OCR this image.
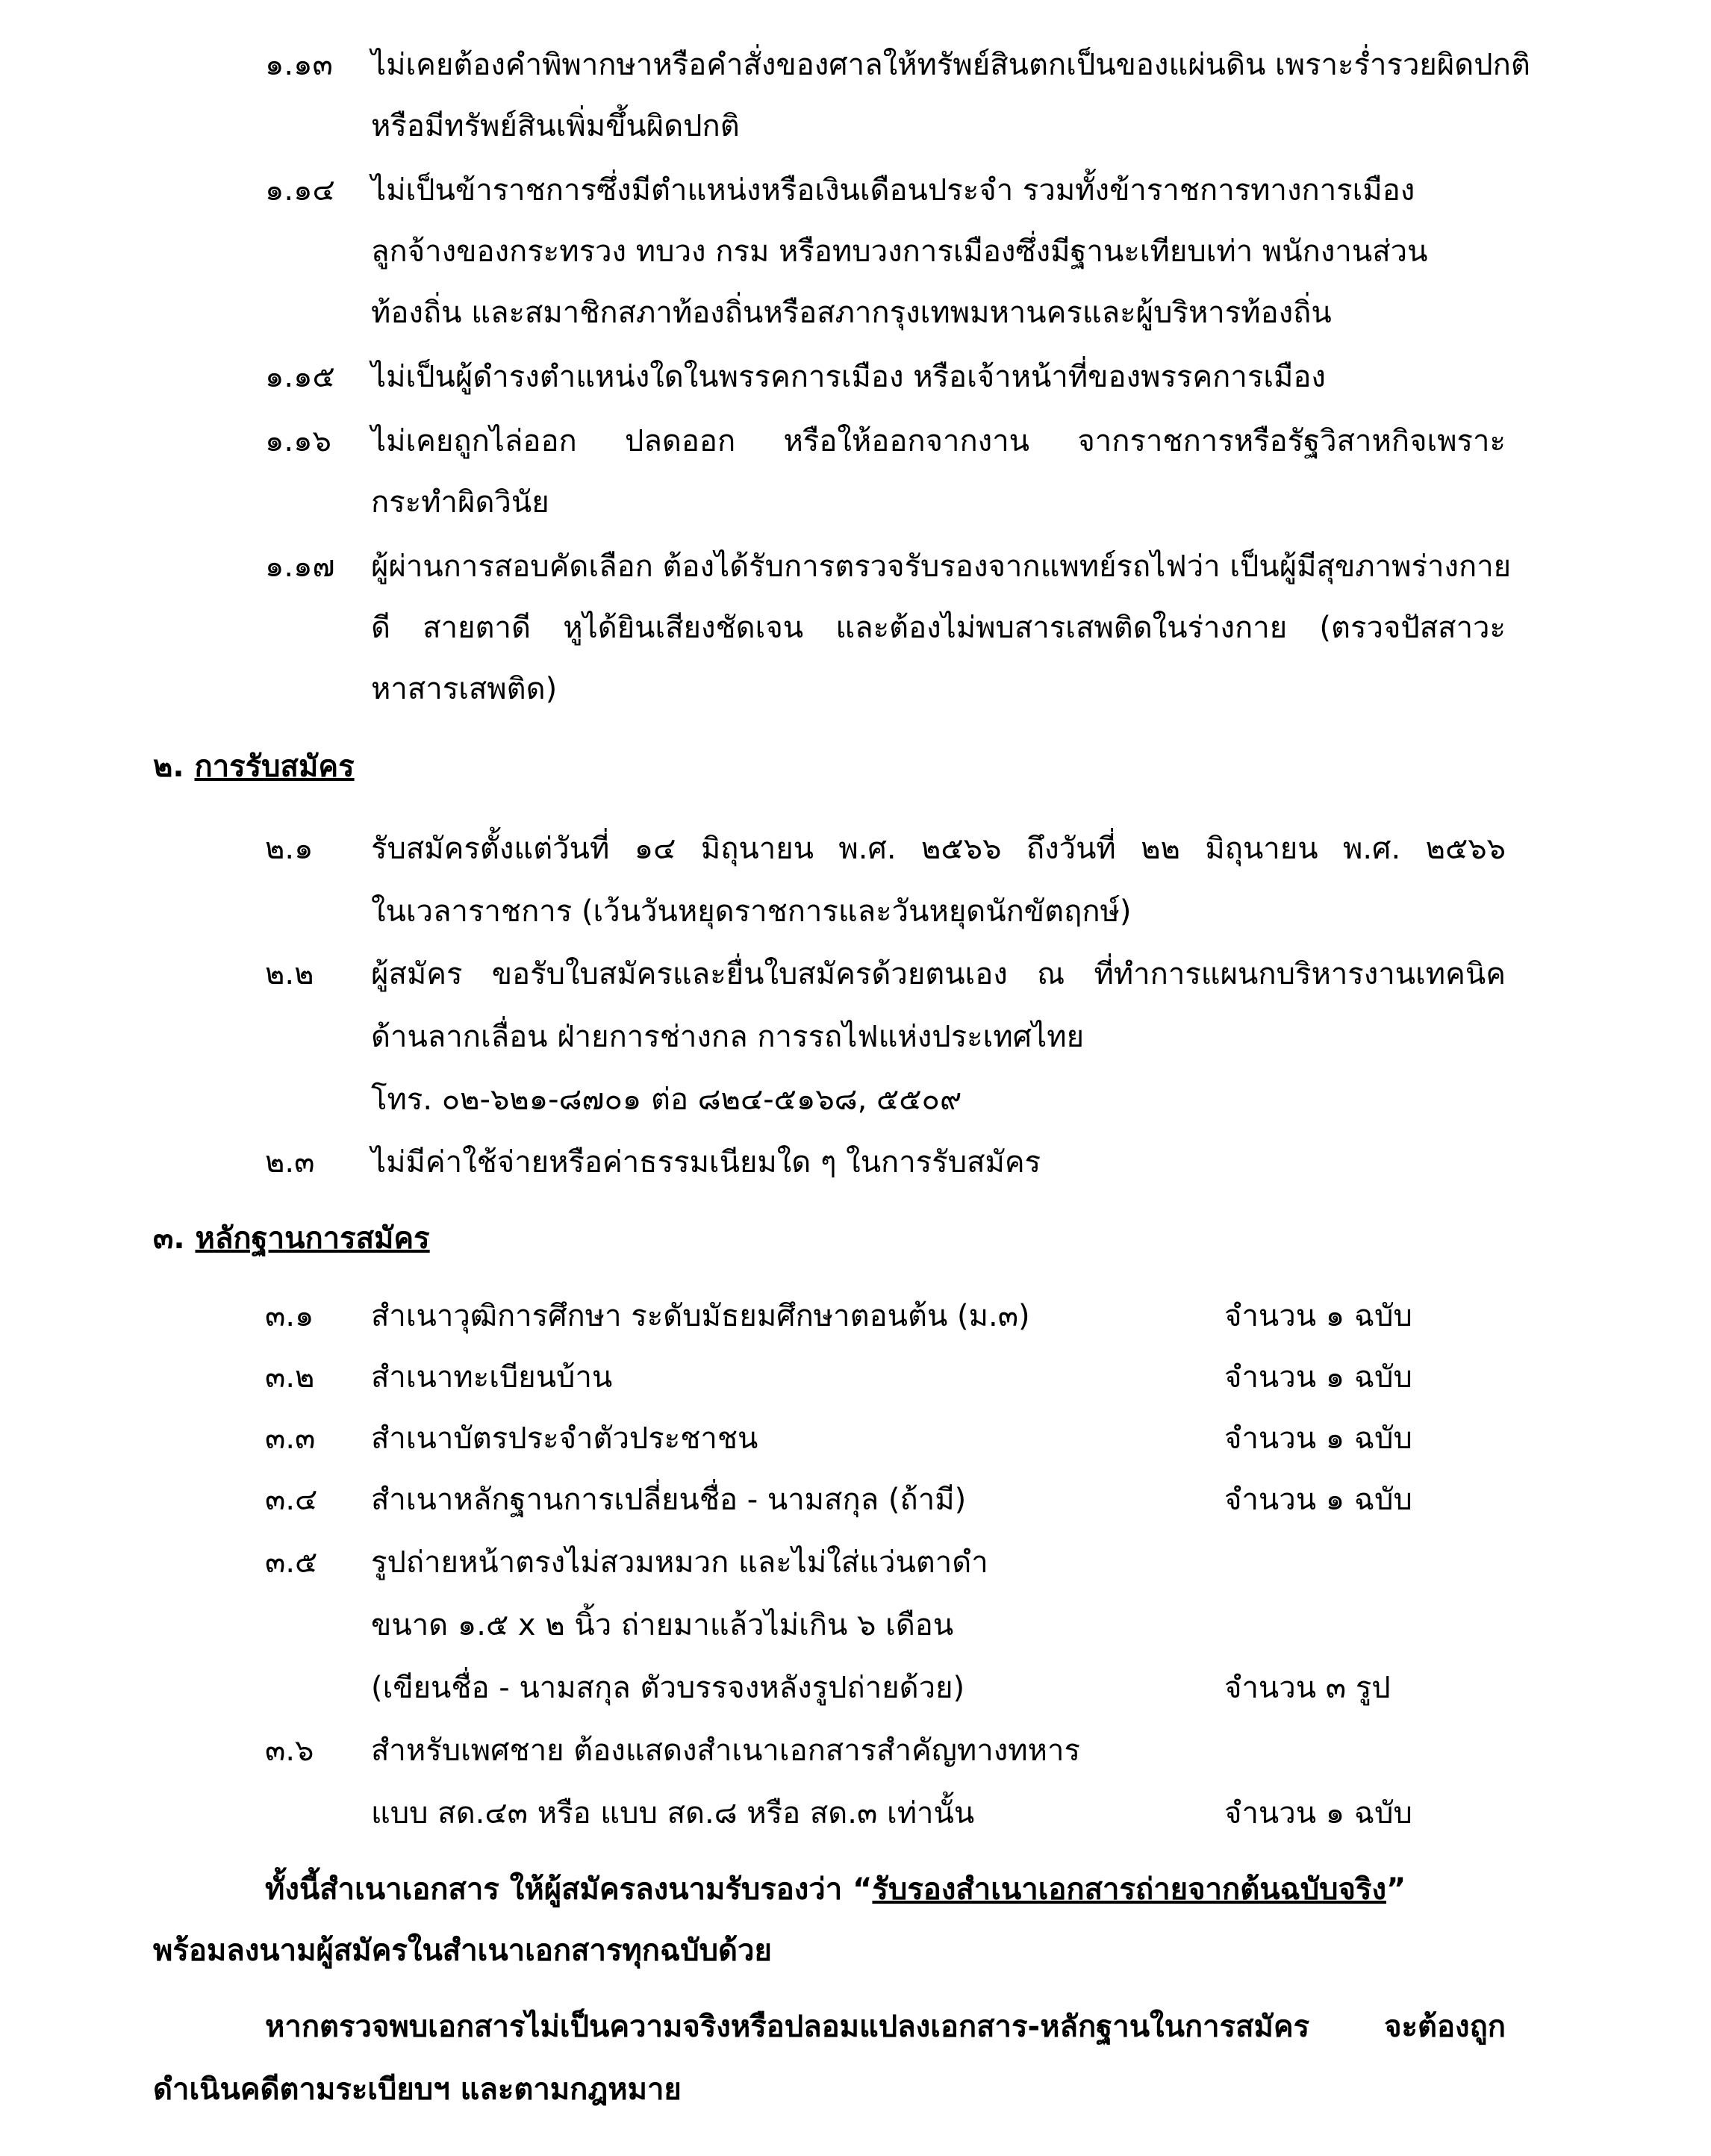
๑.๑๓ ไม่เคยต้องคำพิพากษาหรือคำสั่งของศาลให้ทรัพย์สินตกเป็นของแผ่นดิน เพราะร่ำรวยผิดปกติ
หรือมีทรัพย์สินเพิ่มขึ้นผิดปกติ
๑.๑๔ ไม่เป็นข้าราชการซึ่งมีตำแหน่งหรือเงินเดือนประจำ รวมทั้งข้าราชการทางการเมือง
ลูกจ้างของกระทรวง ทบวง กรม หรือทบวงการเมืองซึ่งมีฐานะเทียบเท่า พนักงานส่วน
ท้องถิ่น และสมาชิกสภาท้องถิ่นหรือสภากรุงเทพมหานครและผู้บริหารท้องถิ่น
๑.๑๕ ไม่เป็นผู้ดำรงตำแหน่งใดในพรรคการเมือง หรือเจ้าหน้าที่ของพรรคการเมือง
๑.๑๖ ไม่เคยถูกไล่ออก ปลดออก หรือให้ออกจากงาน จากราชการหรือรัฐวิสาหกิจเพราะ
กระทำผิดวินัย
๑.๑๗ ผู้ผ่านการสอบคัดเลือก ต้องได้รับการตรวจรับรองจากแพทย์รถไฟว่า เป็นผู้มีสุขภาพร่างกาย
ดี สายตาดี หูได้ยินเสียงชัดเจน และต้องไม่พบสารเสพติดในร่างกาย (ตรวจปัสสาวะ
หาสารเสพติด)
๒. การรับสมัคร
๒.๑ รับสมัครตั้งแต่วันที่ ๑๔ มิถุนายน พ.ศ. ๒๕๖๖ ถึงวันที่ ๒๒ มิถุนายน พ.ศ. ๒๕๖๖
ในเวลาราชการ (เว้นวันหยุดราชการและวันหยุดนักขัตฤกษ์)
๒.๒ ผู้สมัคร ขอรับใบสมัครและยื่นใบสมัครด้วยตนเอง ณ ที่ทำการแผนกบริหารงานเทคนิค
ด้านลากเลื่อน ฝ่ายการช่างกล การรถไฟแห่งประเทศไทย
โทร. ๐๒-๖๒๑-๘๗๐๑ ต่อ ๘๒๔-๕๑๖๘, ๕๕๐๙
๒.๓ ไม่มีค่าใช้จ่ายหรือค่าธรรมเนียมใด ๆ ในการรับสมัคร
๓. หลักฐานการสมัคร
๓.๑ สำเนาวุฒิการศึกษา ระดับมัธยมศึกษาตอนต้น (ม.๓)	จำนวน ๑ ฉบับ
๓.๒ สำเนาทะเบียนบ้าน	จำนวน ๑ ฉบับ
๓.๓ สำเนาบัตรประจำตัวประชาชน	จำนวน ๑ ฉบับ
๓.๔ สำเนาหลักฐานการเปลี่ยนชื่อ - นามสกุล (ถ้ามี)	จำนวน ๑ ฉบับ
๓.๕ รูปถ่ายหน้าตรงไม่สวมหมวก และไม่ใส่แว่นตาดำ
ขนาด ๑.๕ x ๒ นิ้ว ถ่ายมาแล้วไม่เกิน ๖ เดือน
(เขียนชื่อ - นามสกุล ตัวบรรจงหลังรูปถ่ายด้วย)	จำนวน ๓ รูป
๓.๖ สำหรับเพศชาย ต้องแสดงสำเนาเอกสารสำคัญทางทหาร
แบบ สด.๔๓ หรือ แบบ สด.๘ หรือ สด.๓ เท่านั้น	จำนวน ๑ ฉบับ
ทั้งนี้สำเนาเอกสาร ให้ผู้สมัครลงนามรับรองว่า “รับรองสำเนาเอกสารถ่ายจากต้นฉบับจริง”
พร้อมลงนามผู้สมัครในสำเนาเอกสารทุกฉบับด้วย
หากตรวจพบเอกสารไม่เป็นความจริงหรือปลอมแปลงเอกสาร-หลักฐานในการสมัคร จะต้องถูก
ดำเนินคดีตามระเบียบฯ และตามกฎหมาย
